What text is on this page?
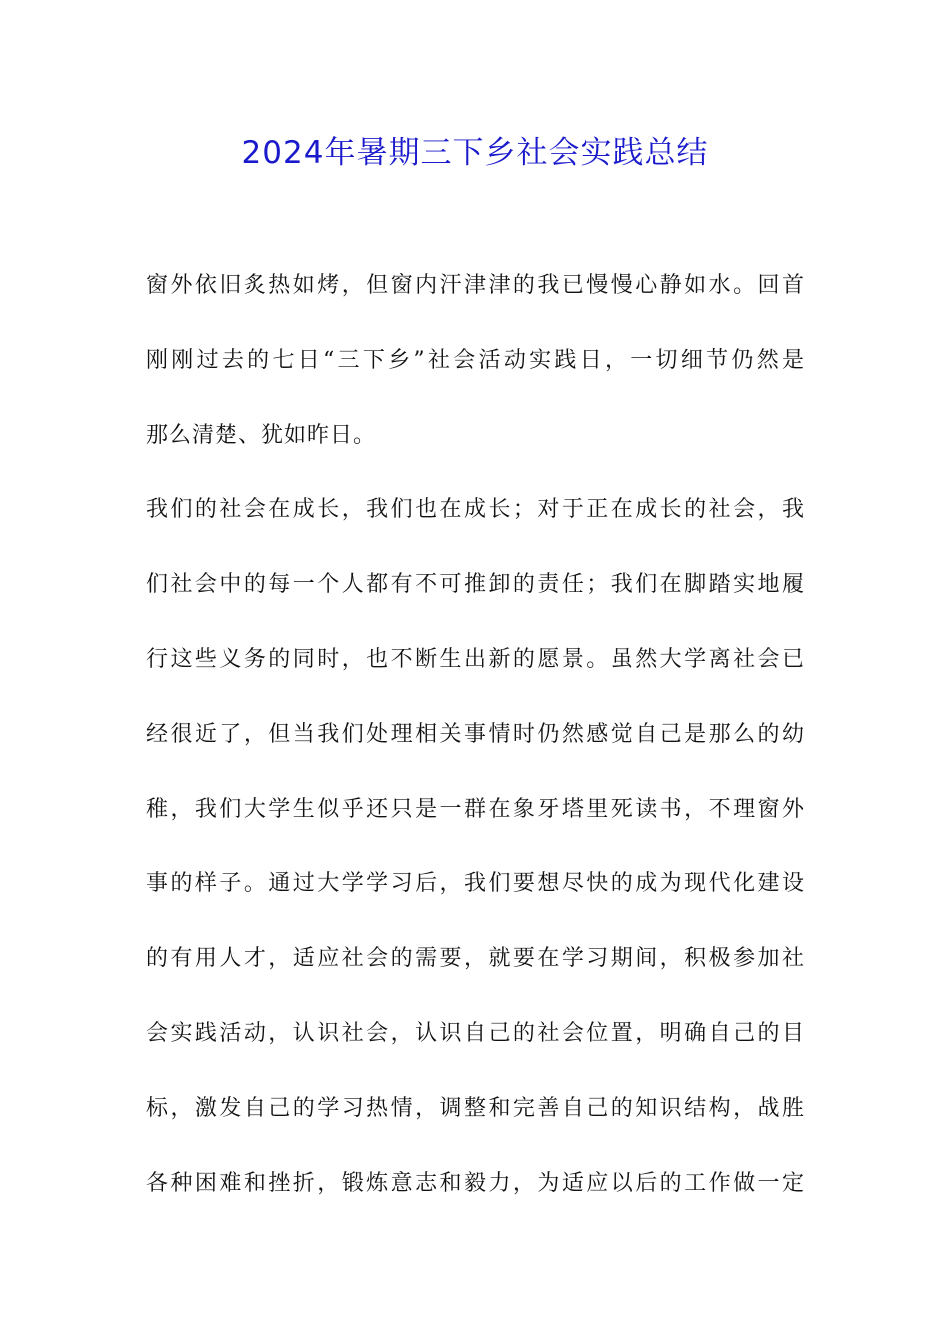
2024年暑期三下乡社会实践总结
窗外依旧炙热如烤，但窗内汗津津的我已慢慢心静如水。回首
刚刚过去的七日“三下乡”社会活动实践日，一切细节仍然是
那么清楚、犹如昨日。
我们的社会在成长，我们也在成长；对于正在成长的社会，我
们社会中的每一个人都有不可推卸的责任；我们在脚踏实地履
行这些义务的同时，也不断生出新的愿景。虽然大学离社会已
经很近了，但当我们处理相关事情时仍然感觉自己是那么的幼
稚，我们大学生似乎还只是一群在象牙塔里死读书，不理窗外
事的样子。通过大学学习后，我们要想尽快的成为现代化建设
的有用人才，适应社会的需要，就要在学习期间，积极参加社
会实践活动，认识社会，认识自己的社会位置，明确自己的目
标，激发自己的学习热情，调整和完善自己的知识结构，战胜
各种困难和挫折，锻炼意志和毅力，为适应以后的工作做一定
